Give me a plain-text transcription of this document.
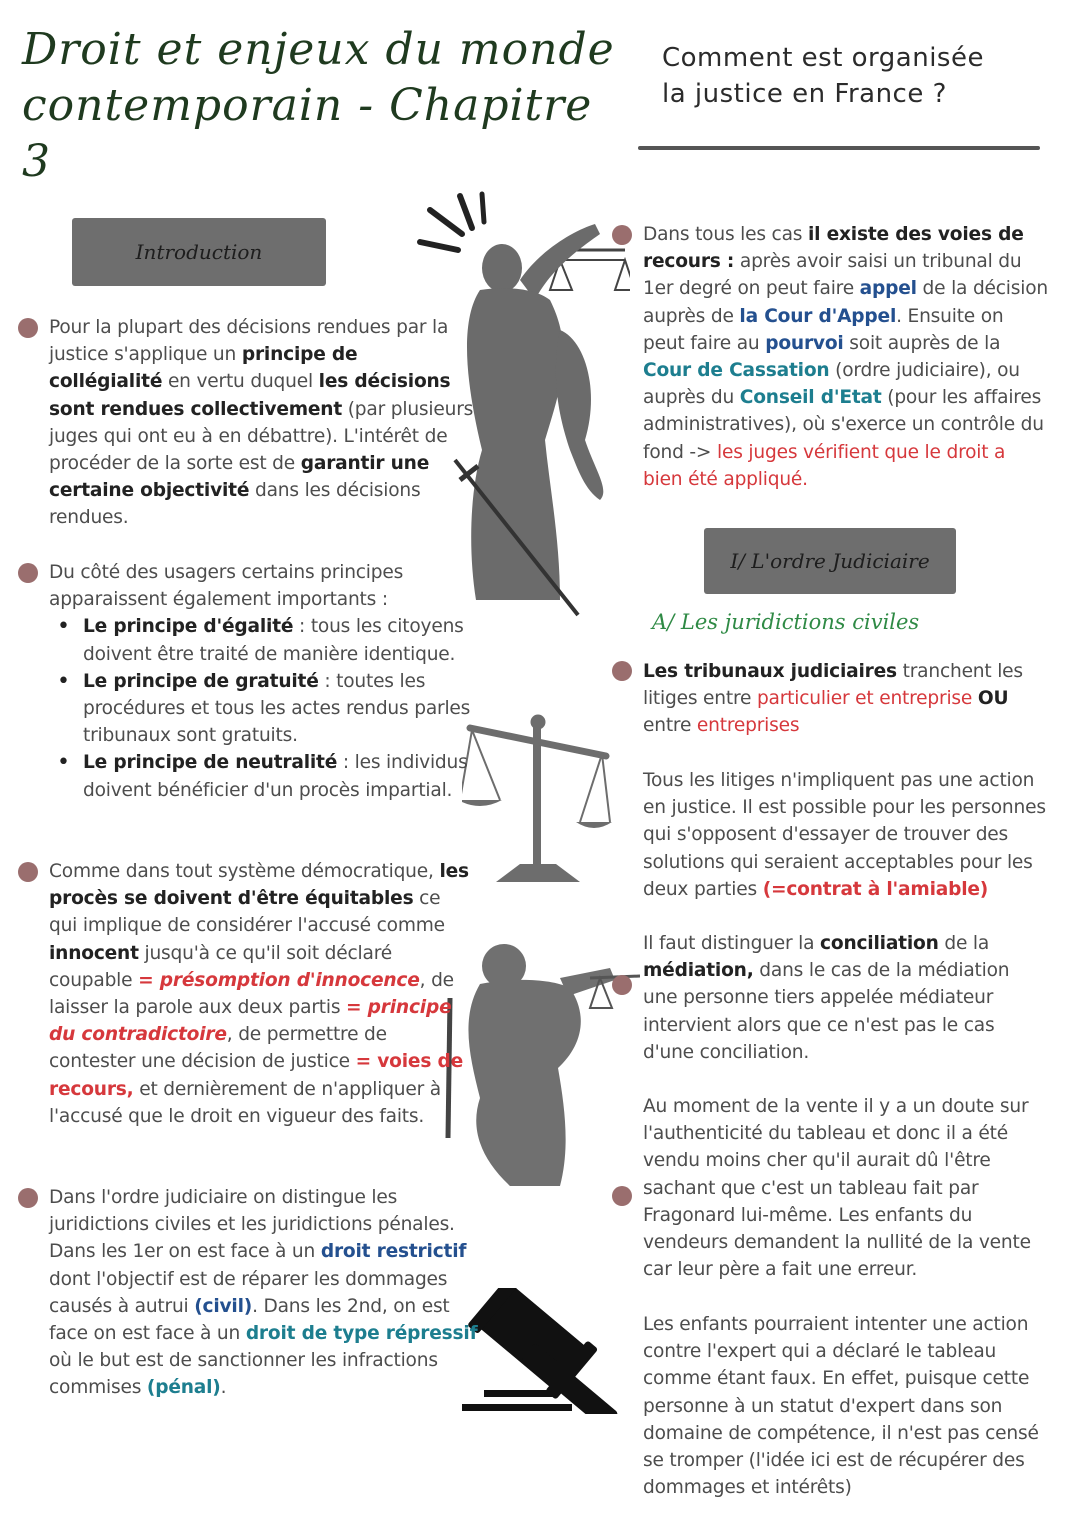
Droit et enjeux du monde
contemporain - Chapitre 3
Comment est organisée
la justice en France ?
Introduction
I/ L'ordre Judiciaire
A/ Les juridictions civiles
Pour la plupart des décisions rendues par la justice s'applique un principe de collégialité en vertu duquel les décisions sont rendues collectivement (par plusieurs juges qui ont eu à en débattre). L'intérêt de procéder de la sorte est de garantir une certaine objectivité dans les décisions rendues.
Du côté des usagers certains principes apparaissent également importants :
• Le principe d'égalité : tous les citoyens doivent être traité de manière identique.
• Le principe de gratuité : toutes les procédures et tous les actes rendus parles tribunaux sont gratuits.
• Le principe de neutralité : les individus doivent bénéficier d'un procès impartial.
Comme dans tout système démocratique, les procès se doivent d'être équitables ce qui implique de considérer l'accusé comme innocent jusqu'à ce qu'il soit déclaré coupable = présomption d'innocence, de laisser la parole aux deux partis = principe du contradictoire, de permettre de contester une décision de justice = voies de recours, et dernièrement de n'appliquer à l'accusé que le droit en vigueur des faits.
Dans l'ordre judiciaire on distingue les juridictions civiles et les juridictions pénales. Dans les 1er on est face à un droit restrictif dont l'objectif est de réparer les dommages causés à autrui (civil). Dans les 2nd, on est face on est face à un droit de type répressif où le but est de sanctionner les infractions commises (pénal).
Dans tous les cas il existe des voies de recours : après avoir saisi un tribunal du 1er degré on peut faire appel de la décision auprès de la Cour d'Appel. Ensuite on peut faire au pourvoi soit auprès de la Cour de Cassation (ordre judiciaire), ou auprès du Conseil d'Etat (pour les affaires administratives), où s'exerce un contrôle du fond -> les juges vérifient que le droit a bien été appliqué.
Les tribunaux judiciaires tranchent les litiges entre particulier et entreprise OU entre entreprises
Tous les litiges n'impliquent pas une action en justice. Il est possible pour les personnes qui s'opposent d'essayer de trouver des solutions qui seraient acceptables pour les deux parties (=contrat à l'amiable)
Il faut distinguer la conciliation de la médiation, dans le cas de la médiation une personne tiers appelée médiateur intervient alors que ce n'est pas le cas d'une conciliation.
Au moment de la vente il y a un doute sur l'authenticité du tableau et donc il a été vendu moins cher qu'il aurait dû l'être sachant que c'est un tableau fait par Fragonard lui-même. Les enfants du vendeurs demandent la nullité de la vente car leur père a fait une erreur.
Les enfants pourraient intenter une action contre l'expert qui a déclaré le tableau comme étant faux. En effet, puisque cette personne à un statut d'expert dans son domaine de compétence, il n'est pas censé se tromper (l'idée ici est de récupérer des dommages et intérêts)
